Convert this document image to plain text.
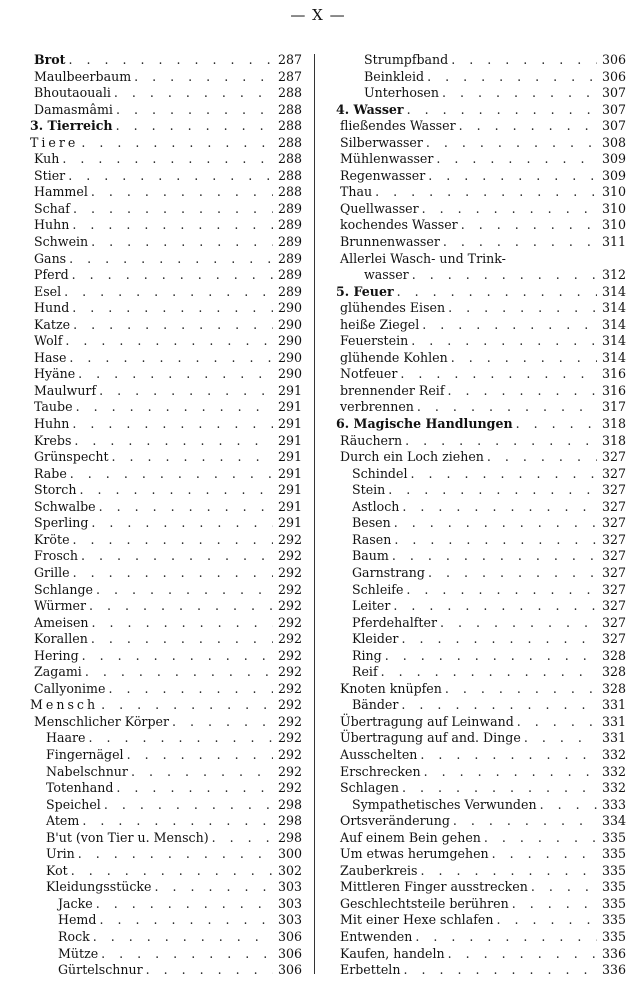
— X —
Brot . . .	287
Maulbeerbaum . . .	287
Bhoutaouali . . .	288
Damasmâmi . . .	288
3. Tierreich . . .	288
Tiere . . .	288
Kuh . . .	288
Stier . . .	288
Hammel . . .	288
Schaf . . .	289
Huhn . . .	289
Schwein . . .	289
Gans . . .	289
Pferd . . .	289
Esel . . .	289
Hund . . .	290
Katze . . .	290
Wolf . . .	290
Hase . . .	290
Hyäne . . .	290
Maulwurf . . .	291
Taube . . .	291
Huhn . . .	291
Krebs . . .	291
Grünspecht . . .	291
Rabe . . .	291
Storch . . .	291
Schwalbe . . .	291
Sperling . . .	291
Kröte . . .	292
Frosch . . .	292
Grille . . .	292
Schlange . . .	292
Würmer . . .	292
Ameisen . . .	292
Korallen . . .	292
Hering . . .	292
Zagami . . .	292
Callyonime . . .	292
Mensch . . .	292
Menschlicher Körper . . .	292
Haare . . .	292
Fingernägel . . .	292
Nabelschnur . . .	292
Totenhand . . .	292
Speichel . . .	298
Atem . . .	298
B'ut (von Tier u. Mensch) . . .	298
Urin . . .	300
Kot . . .	302
Kleidungsstücke . . .	303
Jacke . . .	303
Hemd . . .	303
Rock . . .	306
Mütze . . .	306
Gürtelschnur . . .	306
Strumpfband . . .	306
Beinkleid . . .	306
Unterhosen . . .	307
4. Wasser . . .	307
fließendes Wasser . . .	307
Silberwasser . . .	308
Mühlenwasser . . .	309
Regenwasser . . .	309
Thau . . .	310
Quellwasser . . .	310
kochendes Wasser . . .	310
Brunnenwasser . . .	311
Allerlei Wasch- und Trink-
wasser . . .	312
5. Feuer . . .	314
glühendes Eisen . . .	314
heiße Ziegel . . .	314
Feuerstein . . .	314
glühende Kohlen . . .	314
Notfeuer . . .	316
brennender Reif . . .	316
verbrennen . . .	317
6. Magische Handlungen . . .	318
Räuchern . . .	318
Durch ein Loch ziehen . . .	327
Schindel . . .	327
Stein . . .	327
Astloch . . .	327
Besen . . .	327
Rasen . . .	327
Baum . . .	327
Garnstrang . . .	327
Schleife . . .	327
Leiter . . .	327
Pferdehalfter . . .	327
Kleider . . .	327
Ring . . .	328
Reif . . .	328
Knoten knüpfen . . .	328
Bänder . . .	331
Übertragung auf Leinwand . . .	331
Übertragung auf and. Dinge . . .	331
Ausschelten . . .	332
Erschrecken . . .	332
Schlagen . . .	332
Sympathetisches Verwunden . . .	333
Ortsveränderung . . .	334
Auf einem Bein gehen . . .	335
Um etwas herumgehen . . .	335
Zauberkreis . . .	335
Mittleren Finger ausstrecken . . .	335
Geschlechtsteile berühren . . .	335
Mit einer Hexe schlafen . . .	335
Entwenden . . .	335
Kaufen, handeln . . .	336
Erbetteln . . .	336
